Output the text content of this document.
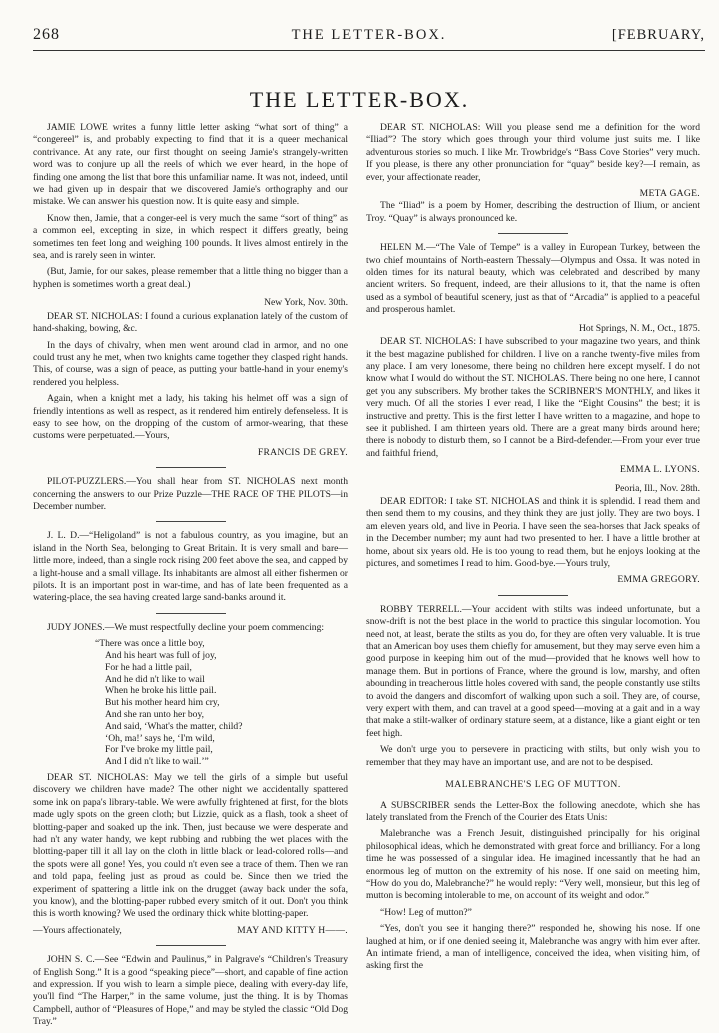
268	THE LETTER-BOX.	[FEBRUARY,
THE LETTER-BOX.

JAMIE LOWE writes a funny little letter asking “what sort of thing” a “congereel” is, and probably expecting to find that it is a queer mechanical contrivance. At any rate, our first thought on seeing Jamie's strangely-written word was to conjure up all the reels of which we ever heard, in the hope of finding one among the list that bore this unfamiliar name. It was not, indeed, until we had given up in despair that we discovered Jamie's orthography and our mistake. We can answer his question now. It is quite easy and simple.

Know then, Jamie, that a conger-eel is very much the same “sort of thing” as a common eel, excepting in size, in which respect it differs greatly, being sometimes ten feet long and weighing 100 pounds. It lives almost entirely in the sea, and is rarely seen in winter.

(But, Jamie, for our sakes, please remember that a little thing no bigger than a hyphen is sometimes worth a great deal.)

New York, Nov. 30th.

DEAR ST. NICHOLAS: I found a curious explanation lately of the custom of hand-shaking, bowing, &c.

In the days of chivalry, when men went around clad in armor, and no one could trust any he met, when two knights came together they clasped right hands. This, of course, was a sign of peace, as putting your battle-hand in your enemy's rendered you helpless.

Again, when a knight met a lady, his taking his helmet off was a sign of friendly intentions as well as respect, as it rendered him entirely defenseless. It is easy to see how, on the dropping of the custom of armor-wearing, that these customs were perpetuated.—Yours,

FRANCIS DE GREY.

PILOT-PUZZLERS.—You shall hear from ST. NICHOLAS next month concerning the answers to our Prize Puzzle—THE RACE OF THE PILOTS—in December number.

J. L. D.—“Heligoland” is not a fabulous country, as you imagine, but an island in the North Sea, belonging to Great Britain. It is very small and bare—little more, indeed, than a single rock rising 200 feet above the sea, and capped by a light-house and a small village. Its inhabitants are almost all either fishermen or pilots. It is an important post in war-time, and has of late been frequented as a watering-place, the sea having created large sand-banks around it.

JUDY JONES.—We must respectfully decline your poem commencing:

“There was once a little boy,
And his heart was full of joy,
For he had a little pail,
And he did n't like to wail
When he broke his little pail.
But his mother heard him cry,
And she ran unto her boy,
And said, ‘What's the matter, child?
‘Oh, ma!’ says he, ‘I'm wild,
For I've broke my little pail,
And I did n't like to wail.’”

DEAR ST. NICHOLAS: May we tell the girls of a simple but useful discovery we children have made? The other night we accidentally spattered some ink on papa's library-table. We were awfully frightened at first, for the blots made ugly spots on the green cloth; but Lizzie, quick as a flash, took a sheet of blotting-paper and soaked up the ink. Then, just because we were desperate and had n't any water handy, we kept rubbing and rubbing the wet places with the blotting-paper till it all lay on the cloth in little black or lead-colored rolls—and the spots were all gone! Yes, you could n't even see a trace of them. Then we ran and told papa, feeling just as proud as could be. Since then we tried the experiment of spattering a little ink on the drugget (away back under the sofa, you know), and the blotting-paper rubbed every smitch of it out. Don't you think this is worth knowing? We used the ordinary thick white blotting-paper.

—Yours affectionately,	MAY AND KITTY H——.

JOHN S. C.—See “Edwin and Paulinus,” in Palgrave's “Children's Treasury of English Song.” It is a good “speaking piece”—short, and capable of fine action and expression. If you wish to learn a simple piece, dealing with every-day life, you'll find “The Harper,” in the same volume, just the thing. It is by Thomas Campbell, author of “Pleasures of Hope,” and may be styled the classic “Old Dog Tray.”

DEAR ST. NICHOLAS: Will you please send me a definition for the word “Iliad”? The story which goes through your third volume just suits me. I like adventurous stories so much. I like Mr. Trowbridge's “Bass Cove Stories” very much. If you please, is there any other pronunciation for “quay” beside key?—I remain, as ever, your affectionate reader,

META GAGE.

The “Iliad” is a poem by Homer, describing the destruction of Ilium, or ancient Troy. “Quay” is always pronounced ke.

HELEN M.—“The Vale of Tempe” is a valley in European Turkey, between the two chief mountains of North-eastern Thessaly—Olympus and Ossa. It was noted in olden times for its natural beauty, which was celebrated and described by many ancient writers. So frequent, indeed, are their allusions to it, that the name is often used as a symbol of beautiful scenery, just as that of “Arcadia” is applied to a peaceful and prosperous hamlet.

Hot Springs, N. M., Oct., 1875.

DEAR ST. NICHOLAS: I have subscribed to your magazine two years, and think it the best magazine published for children. I live on a ranche twenty-five miles from any place. I am very lonesome, there being no children here except myself. I do not know what I would do without the ST. NICHOLAS. There being no one here, I cannot get you any subscribers. My brother takes the SCRIBNER'S MONTHLY, and likes it very much. Of all the stories I ever read, I like the “Eight Cousins” the best; it is instructive and pretty. This is the first letter I have written to a magazine, and hope to see it published. I am thirteen years old. There are a great many birds around here; there is nobody to disturb them, so I cannot be a Bird-defender.—From your ever true and faithful friend,

EMMA L. LYONS.
Peoria, Ill., Nov. 28th.

DEAR EDITOR: I take ST. NICHOLAS and think it is splendid. I read them and then send them to my cousins, and they think they are just jolly. They are two boys. I am eleven years old, and live in Peoria. I have seen the sea-horses that Jack speaks of in the December number; my aunt had two presented to her. I have a little brother at home, about six years old. He is too young to read them, but he enjoys looking at the pictures, and sometimes I read to him. Good-bye.—Yours truly,

EMMA GREGORY.

ROBBY TERRELL.—Your accident with stilts was indeed unfortunate, but a snow-drift is not the best place in the world to practice this singular locomotion. You need not, at least, berate the stilts as you do, for they are often very valuable. It is true that an American boy uses them chiefly for amusement, but they may serve even him a good purpose in keeping him out of the mud—provided that he knows well how to manage them. But in portions of France, where the ground is low, marshy, and often abounding in treacherous little holes covered with sand, the people constantly use stilts to avoid the dangers and discomfort of walking upon such a soil. They are, of course, very expert with them, and can travel at a good speed—moving at a gait and in a way that make a stilt-walker of ordinary stature seem, at a distance, like a giant eight or ten feet high.

We don't urge you to persevere in practicing with stilts, but only wish you to remember that they may have an important use, and are not to be despised.

MALEBRANCHE'S LEG OF MUTTON.

A SUBSCRIBER sends the Letter-Box the following anecdote, which she has lately translated from the French of the Courier des Etats Unis:

Malebranche was a French Jesuit, distinguished principally for his original philosophical ideas, which he demonstrated with great force and brilliancy. For a long time he was possessed of a singular idea. He imagined incessantly that he had an enormous leg of mutton on the extremity of his nose. If one said on meeting him, “How do you do, Malebranche?” he would reply: “Very well, monsieur, but this leg of mutton is becoming intolerable to me, on account of its weight and odor.”

“How! Leg of mutton?”

“Yes, don't you see it hanging there?” responded he, showing his nose. If one laughed at him, or if one denied seeing it, Malebranche was angry with him ever after. An intimate friend, a man of intelligence, conceived the idea, when visiting him, of asking first the
